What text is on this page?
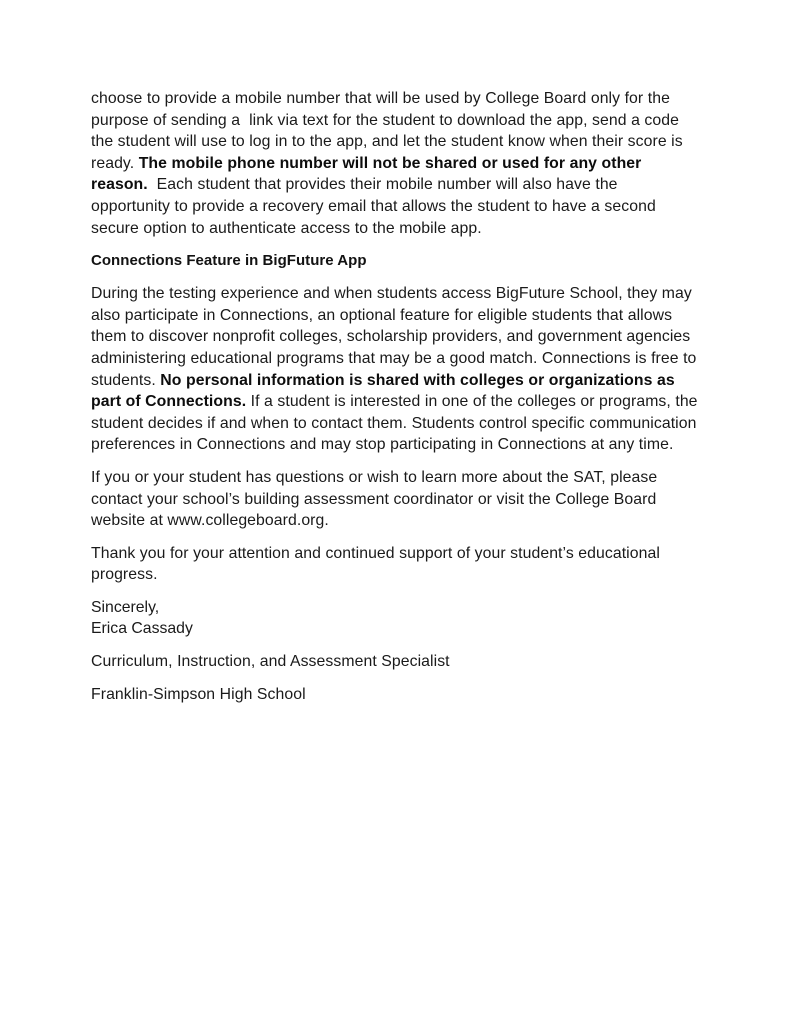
choose to provide a mobile number that will be used by College Board only for the purpose of sending a  link via text for the student to download the app, send a code the student will use to log in to the app, and let the student know when their score is ready. The mobile phone number will not be shared or used for any other reason.  Each student that provides their mobile number will also have the opportunity to provide a recovery email that allows the student to have a second secure option to authenticate access to the mobile app.

Connections Feature in BigFuture App

During the testing experience and when students access BigFuture School, they may also participate in Connections, an optional feature for eligible students that allows them to discover nonprofit colleges, scholarship providers, and government agencies administering educational programs that may be a good match. Connections is free to students. No personal information is shared with colleges or organizations as part of Connections. If a student is interested in one of the colleges or programs, the student decides if and when to contact them. Students control specific communication preferences in Connections and may stop participating in Connections at any time.

If you or your student has questions or wish to learn more about the SAT, please contact your school’s building assessment coordinator or visit the College Board website at www.collegeboard.org.

Thank you for your attention and continued support of your student’s educational progress.

Sincerely,
Erica Cassady

Curriculum, Instruction, and Assessment Specialist

Franklin-Simpson High School
